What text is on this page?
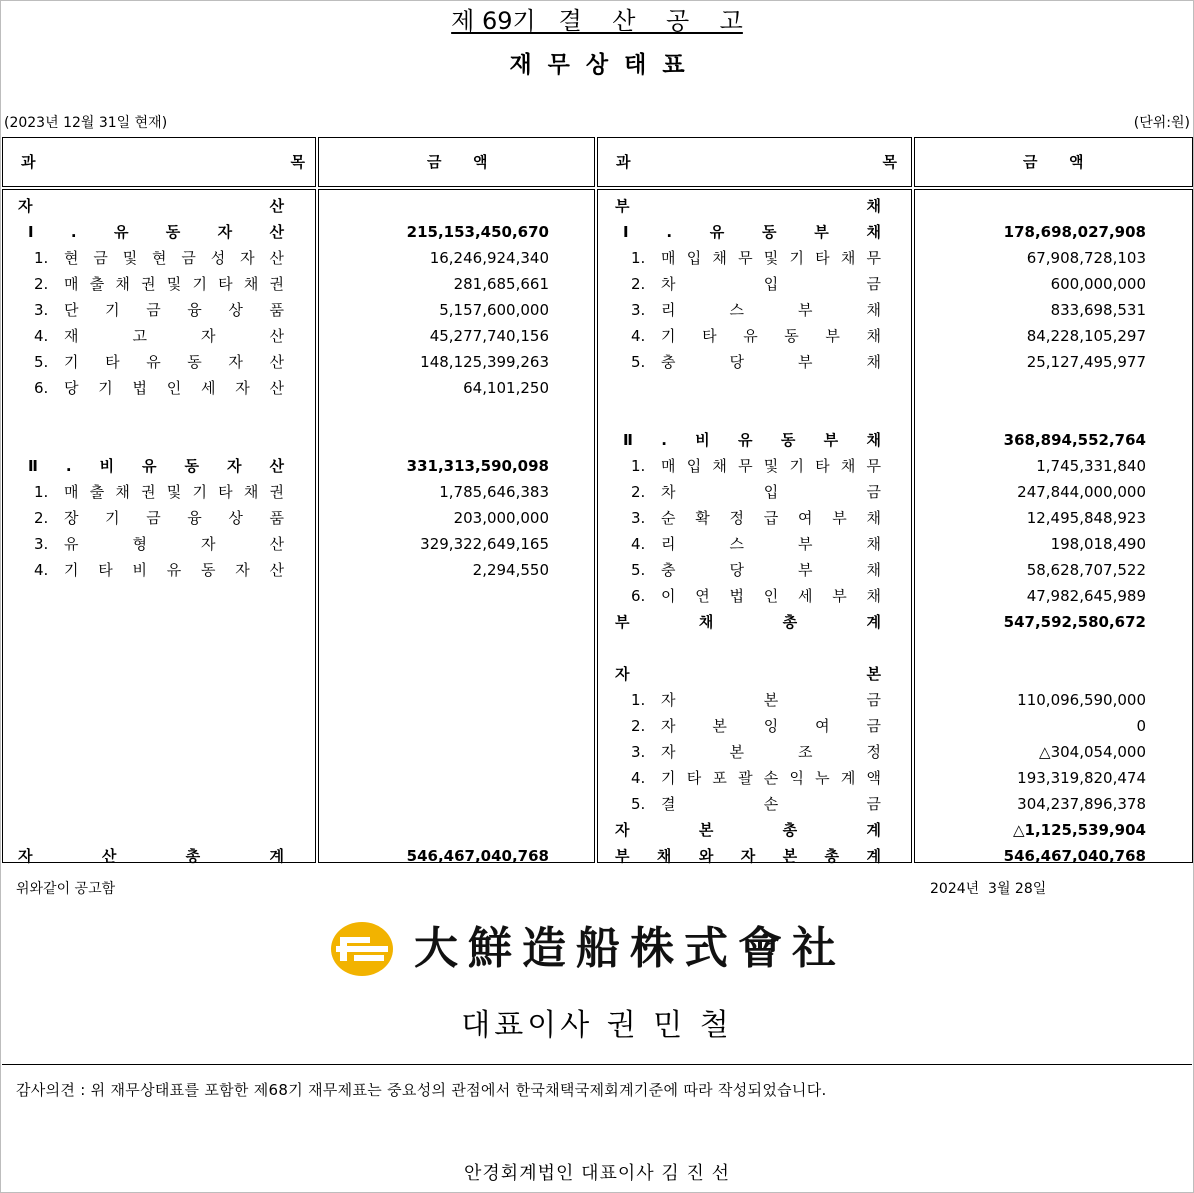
제 69기   결    산    공    고
재무상태표
(2023년 12월 31일 현재)	(단위:원)
과	목	금 액	과	목	금 액
자	산
Ⅰ . 유 동 자 산	215,153,450,670
1.	현 금 및 현 금 성 자 산	16,246,924,340
2.	매 출 채 권 및 기 타 채 권	281,685,661
3.	단 기 금 융 상 품	5,157,600,000
4.	재	고	자	산	45,277,740,156
5.	기 타 유 동 자 산	148,125,399,263
6.	당 기 법 인 세 자 산	64,101,250
Ⅱ . 비 유 동 자 산	331,313,590,098
1.	매 출 채 권 및 기 타 채 권	1,785,646,383
2.	장 기 금 융 상 품	203,000,000
3.	유	형	자	산	329,322,649,165
4.	기 타 비 유 동 자 산	2,294,550
자	산	총	계	546,467,040,768
부	채
Ⅰ	.	유	동	부	채	178,698,027,908
1.	매 입 채 무 및 기 타 채 무	67,908,728,103
2.	차	입	금	600,000,000
3.	리	스	부	채	833,698,531
4.	기 타 유 동 부 채	84,228,105,297
5.	충	당	부	채	25,127,495,977
Ⅱ . 비 유 동 부 채	368,894,552,764
1.	매 입 채 무 및 기 타 채 무	1,745,331,840
2.	차	입	금	247,844,000,000
3.	순 확 정 급 여 부 채	12,495,848,923
4.	리	스	부	채	198,018,490
5.	충	당	부	채	58,628,707,522
6.	이 연 법 인 세 부 채	47,982,645,989
부	채	총	계	547,592,580,672
자	본
1.	자	본	금	110,096,590,000
2.	자 본 잉 여 금	0
3.	자	본	조	정	△304,054,000
4.	기 타 포 괄 손 익 누 계 액	193,319,820,474
5.	결	손	금	304,237,896,378
자	본	총	계	△1,125,539,904
부 채 와 자 본 총 계	546,467,040,768
위와같이 공고함	2024년  3월 28일
大鮮造船株式會社
대표이사 권 민 철
감사의견 : 위 재무상태표를 포함한 제68기 재무제표는 중요성의 관점에서 한국채택국제회계기준에 따라 작성되었습니다.
안경회계법인 대표이사 김 진 선
